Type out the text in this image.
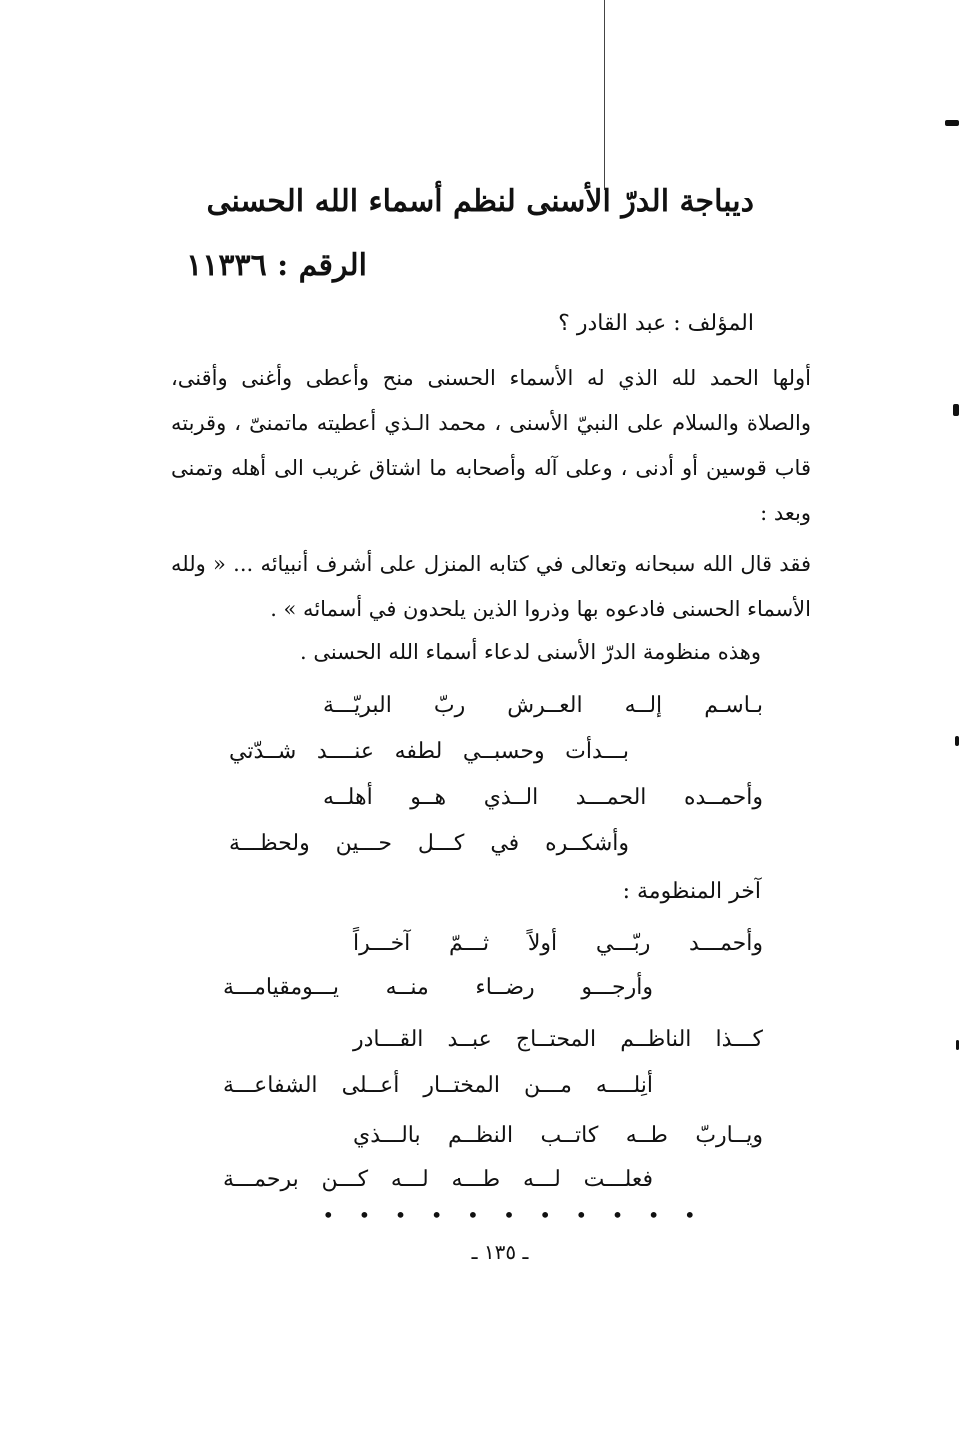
ديباجة الدرّ الأسنى لنظم أسماء الله الحسنى
الرقم : ١١٣٣٦
المؤلف : عبد القادر ؟
أولها الحمد لله الذي له الأسماء الحسنى منح وأعطى وأغنى وأقنى، والصلاة والسلام على النبيّ الأسنى ، محمد الـذي أعطيته ماتمنىّ ، وقربته قاب قوسين أو أدنى ، وعلى آله وأصحابه ما اشتاق غريب الى أهله وتمنى وبعد :
فقد قال الله سبحانه وتعالى في كتابه المنزل على أشرف أنبيائه ... « ولله الأسماء الحسنى فادعوه بها وذروا الذين يلحدون في أسمائه » .
وهذه منظومة الدرّ الأسنى لدعاء أسماء الله الحسنى .
بـاسـم إلــه العــرش ربّ البريّـــة
بـــدأت وحسبــي لطفه عنــــد شــدّتي
وأحمــده الحمـــد الــذي هــو أهلــه
وأشكــره في كـــل حـــين ولحظـــة
آخر المنظومة :
وأحمـــد ربّـــي أولاً ثـــمّ آخـــراً
وأرجـــو رضــاء منــه يـــومقيامـــة
كـــذا الناظــم المحتــاج عبــد القـــادر
أنِلــــه مـــن المختــار أعــلى الشفاعـــة
ويــاربّ طــه كاتــب النظــم بالـــذي
فعلـــت لـــه طـــه لـــه كـــن برحمـــة
• • • • • • • • • • •
ـ ١٣٥ ـ
